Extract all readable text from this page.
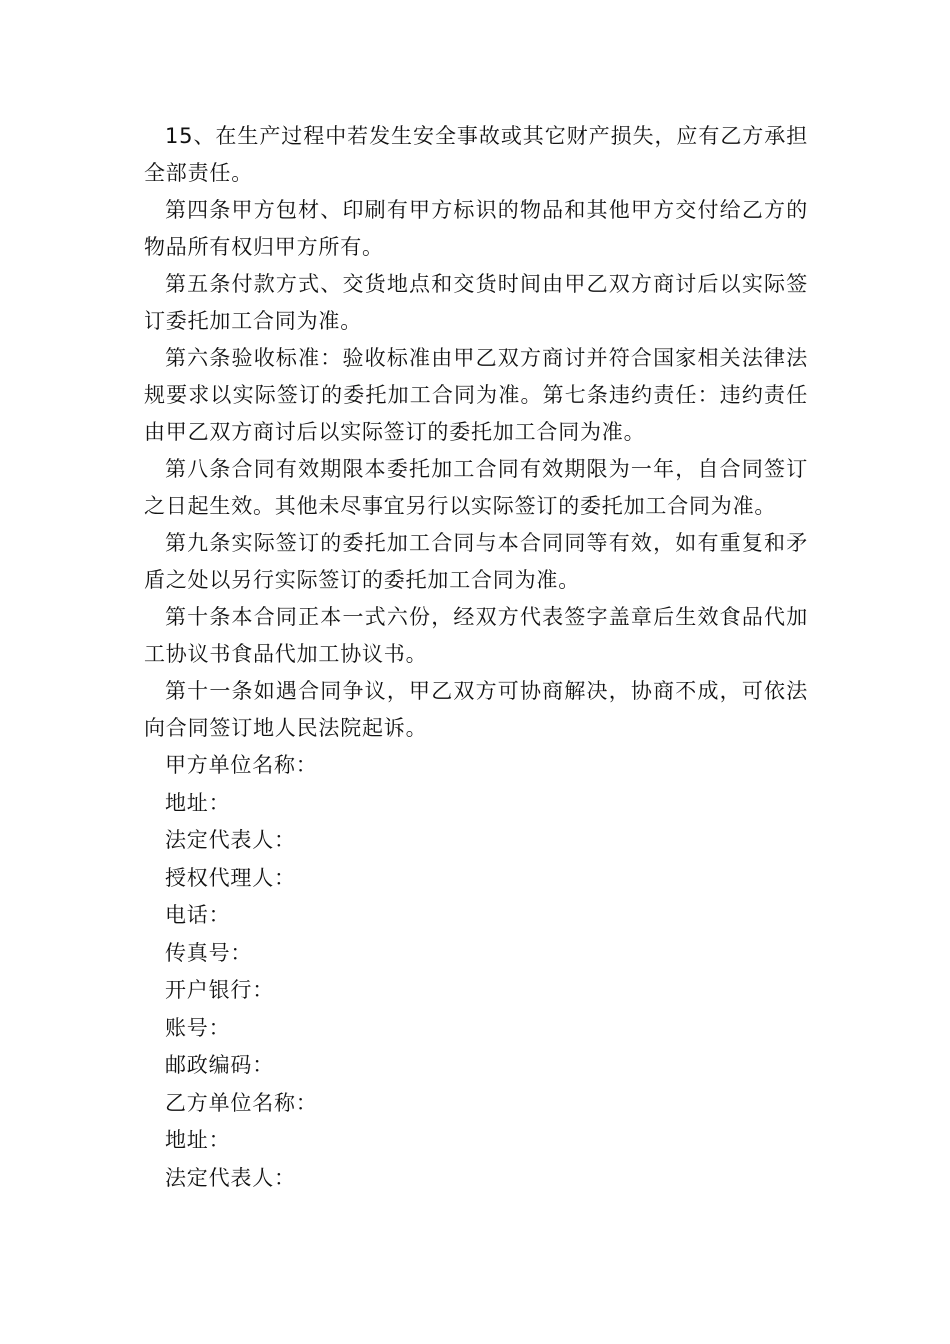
15、在生产过程中若发生安全事故或其它财产损失，应有乙方承担全部责任。

第四条甲方包材、印刷有甲方标识的物品和其他甲方交付给乙方的物品所有权归甲方所有。

第五条付款方式、交货地点和交货时间由甲乙双方商讨后以实际签订委托加工合同为准。

第六条验收标准：验收标准由甲乙双方商讨并符合国家相关法律法规要求以实际签订的委托加工合同为准。第七条违约责任：违约责任由甲乙双方商讨后以实际签订的委托加工合同为准。

第八条合同有效期限本委托加工合同有效期限为一年，自合同签订之日起生效。其他未尽事宜另行以实际签订的委托加工合同为准。

第九条实际签订的委托加工合同与本合同同等有效，如有重复和矛盾之处以另行实际签订的委托加工合同为准。

第十条本合同正本一式六份，经双方代表签字盖章后生效食品代加工协议书食品代加工协议书。

第十一条如遇合同争议，甲乙双方可协商解决，协商不成，可依法向合同签订地人民法院起诉。

甲方单位名称：

地址：

法定代表人：

授权代理人：

电话：

传真号：

开户银行：

账号：

邮政编码：

乙方单位名称：

地址：

法定代表人：
